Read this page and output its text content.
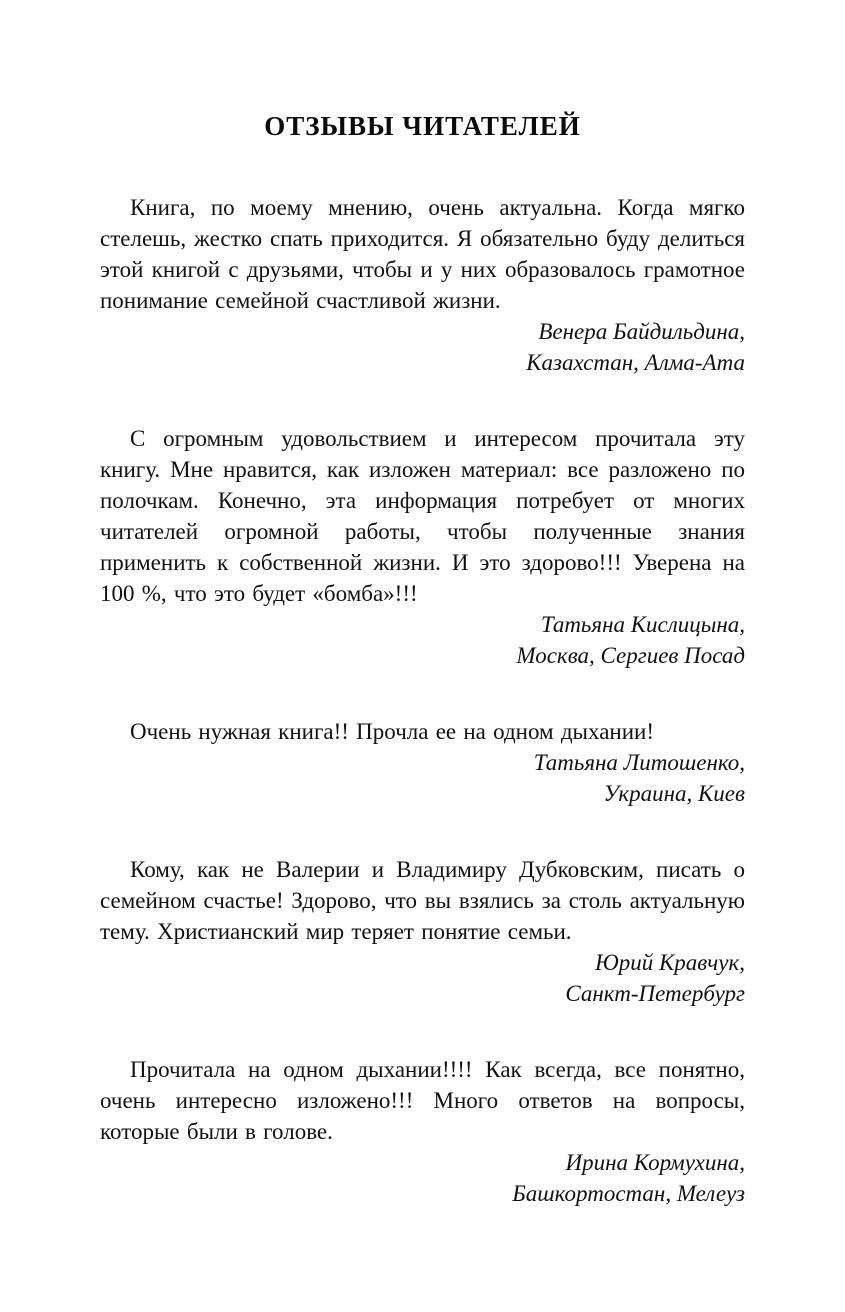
ОТЗЫВЫ ЧИТАТЕЛЕЙ

Книга, по моему мнению, очень актуальна. Когда мягко стелешь, жестко спать приходится. Я обязательно буду делиться этой книгой с друзьями, чтобы и у них образовалось грамотное понимание семейной счастливой жизни.

Венера Байдильдина,

Казахстан, Алма-Ата

С огромным удовольствием и интересом прочитала эту книгу. Мне нравится, как изложен материал: все разложено по полочкам. Конечно, эта информация потребует от многих читателей огромной работы, чтобы полученные знания применить к собственной жизни. И это здорово!!! Уверена на 100 %, что это будет «бомба»!!!

Татьяна Кислицына,

Москва, Сергиев Посад

Очень нужная книга!! Прочла ее на одном дыхании!

Татьяна Литошенко,

Украина, Киев

Кому, как не Валерии и Владимиру Дубковским, писать о семейном счастье! Здорово, что вы взялись за столь актуальную тему. Христианский мир теряет понятие семьи.

Юрий Кравчук,

Санкт-Петербург

Прочитала на одном дыхании!!!! Как всегда, все понятно, очень интересно изложено!!! Много ответов на вопросы, которые были в голове.

Ирина Кормухина,

Башкортостан, Мелеуз
